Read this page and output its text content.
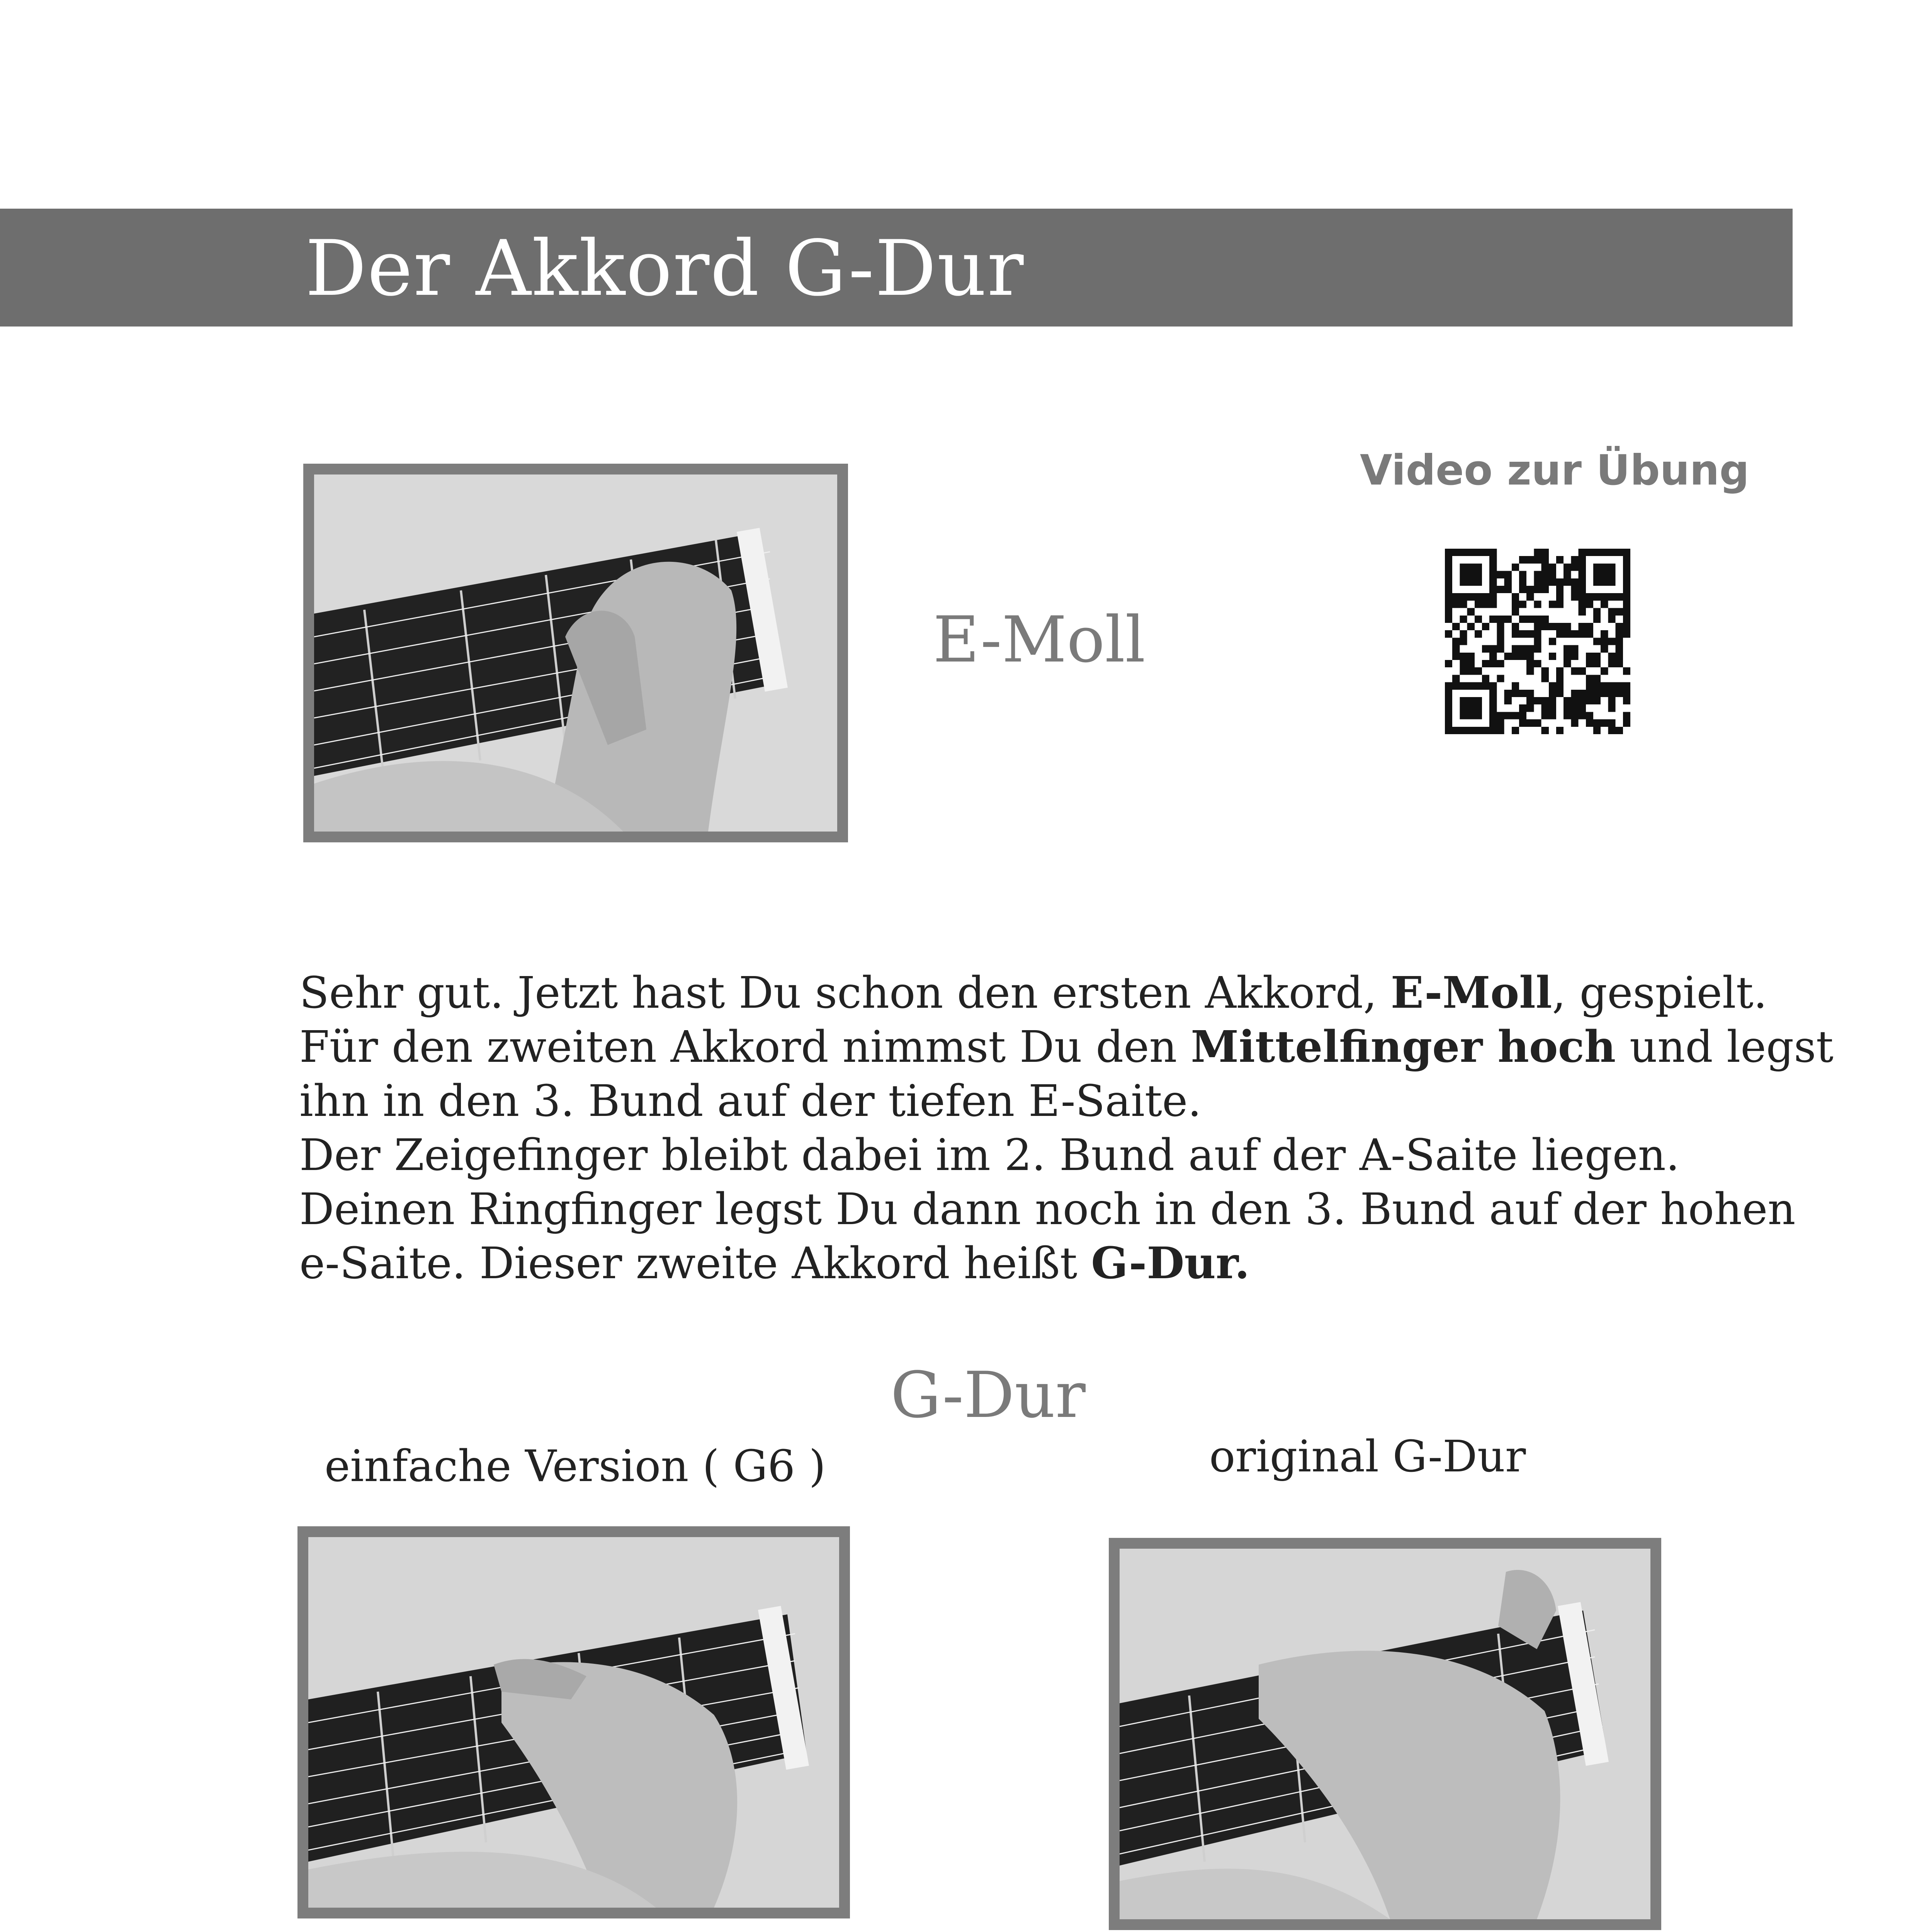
Der Akkord G-Dur
E-Moll
Video zur Übung
Sehr gut. Jetzt hast Du schon den ersten Akkord, E-Moll, gespielt.
Für den zweiten Akkord nimmst Du den Mittelfinger hoch und legst
ihn in den 3. Bund auf der tiefen E-Saite.
Der Zeigefinger bleibt dabei im 2. Bund auf der A-Saite liegen.
Deinen Ringfinger legst Du dann noch in den 3. Bund auf der hohen
e-Saite. Dieser zweite Akkord heißt G-Dur.
G-Dur
einfache Version ( G6 )	original G-Dur
